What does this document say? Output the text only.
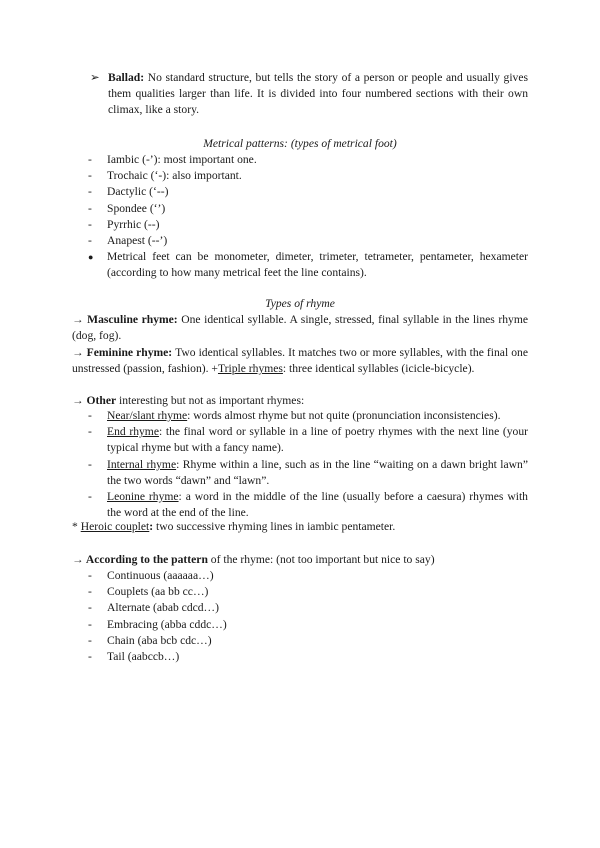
➢ Ballad: No standard structure, but tells the story of a person or people and usually gives them qualities larger than life. It is divided into four numbered sections with their own climax, like a story.

Metrical patterns: (types of metrical foot)

-	Iambic (-’): most important one.
-	Trochaic (‘-): also important.
-	Dactylic (‘--)
-	Spondee (‘’)
-	Pyrrhic (--)
-	Anapest (--’)
●	Metrical feet can be monometer, dimeter, trimeter, tetrameter, pentameter, hexameter (according to how many metrical feet the line contains).

Types of rhyme

→ Masculine rhyme: One identical syllable. A single, stressed, final syllable in the lines rhyme (dog, fog).

→ Feminine rhyme: Two identical syllables. It matches two or more syllables, with the final one unstressed (passion, fashion). +Triple rhymes: three identical syllables (icicle-bicycle).

→ Other interesting but not as important rhymes:

-	Near/slant rhyme: words almost rhyme but not quite (pronunciation inconsistencies).
-	End rhyme: the final word or syllable in a line of poetry rhymes with the next line (your typical rhyme but with a fancy name).
-	Internal rhyme: Rhyme within a line, such as in the line “waiting on a dawn bright lawn” the two words “dawn” and “lawn”.
-	Leonine rhyme: a word in the middle of the line (usually before a caesura) rhymes with the word at the end of the line.

* Heroic couplet: two successive rhyming lines in iambic pentameter.

→ According to the pattern of the rhyme: (not too important but nice to say)

-	Continuous (aaaaaa…)
-	Couplets (aa bb cc…)
-	Alternate (abab cdcd…)
-	Embracing (abba cddc…)
-	Chain (aba bcb cdc…)
-	Tail (aabccb…)
